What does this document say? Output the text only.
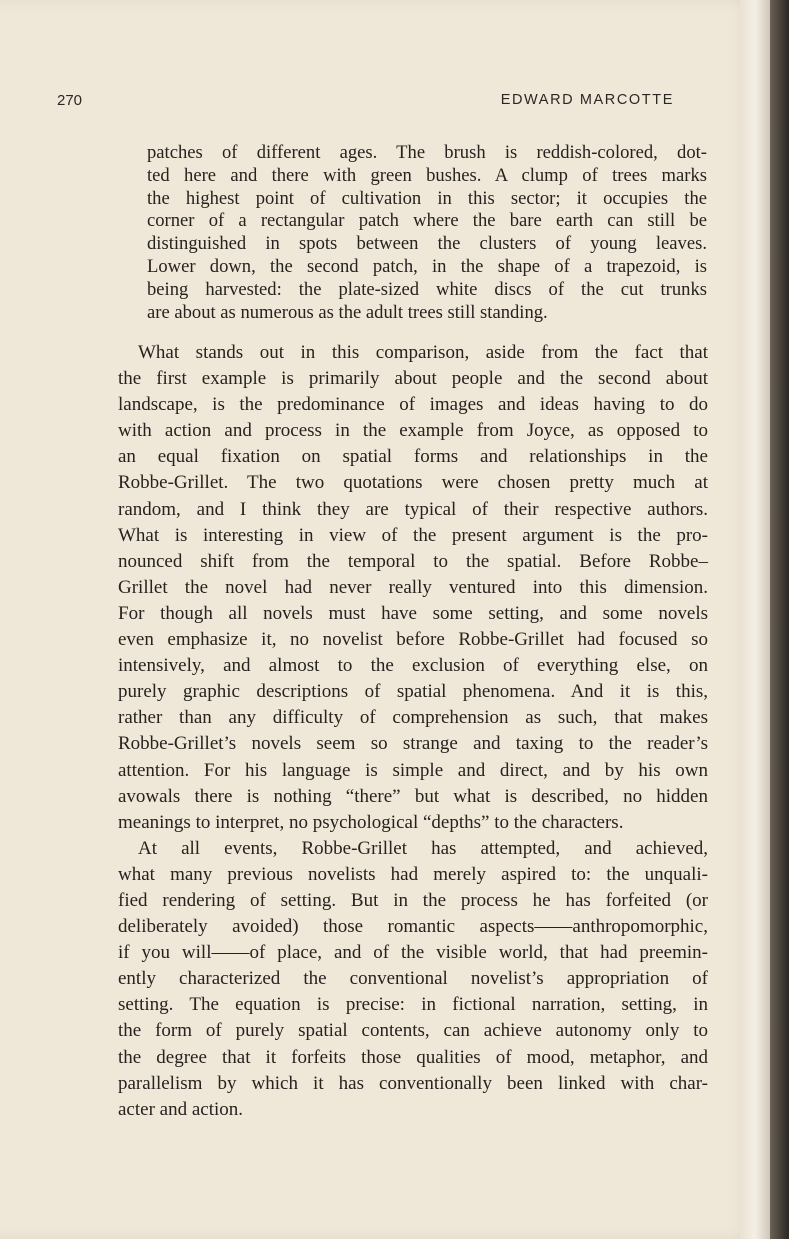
270	EDWARD MARCOTTE
patches of different ages. The brush is reddish-colored, dot-
ted here and there with green bushes. A clump of trees marks
the highest point of cultivation in this sector; it occupies the
corner of a rectangular patch where the bare earth can still be
distinguished in spots between the clusters of young leaves.
Lower down, the second patch, in the shape of a trapezoid, is
being harvested: the plate-sized white discs of the cut trunks
are about as numerous as the adult trees still standing.
What stands out in this comparison, aside from the fact that
the first example is primarily about people and the second about
landscape, is the predominance of images and ideas having to do
with action and process in the example from Joyce, as opposed to
an equal fixation on spatial forms and relationships in the
Robbe-Grillet. The two quotations were chosen pretty much at
random, and I think they are typical of their respective authors.
What is interesting in view of the present argument is the pro-
nounced shift from the temporal to the spatial. Before Robbe–
Grillet the novel had never really ventured into this dimension.
For though all novels must have some setting, and some novels
even emphasize it, no novelist before Robbe-Grillet had focused so
intensively, and almost to the exclusion of everything else, on
purely graphic descriptions of spatial phenomena. And it is this,
rather than any difficulty of comprehension as such, that makes
Robbe-Grillet’s novels seem so strange and taxing to the reader’s
attention. For his language is simple and direct, and by his own
avowals there is nothing “there” but what is described, no hidden
meanings to interpret, no psychological “depths” to the characters.
At all events, Robbe-Grillet has attempted, and achieved,
what many previous novelists had merely aspired to: the unquali-
fied rendering of setting. But in the process he has forfeited (or
deliberately avoided) those romantic aspects——anthropomorphic,
if you will——of place, and of the visible world, that had preemin-
ently characterized the conventional novelist’s appropriation of
setting. The equation is precise: in fictional narration, setting, in
the form of purely spatial contents, can achieve autonomy only to
the degree that it forfeits those qualities of mood, metaphor, and
parallelism by which it has conventionally been linked with char-
acter and action.
